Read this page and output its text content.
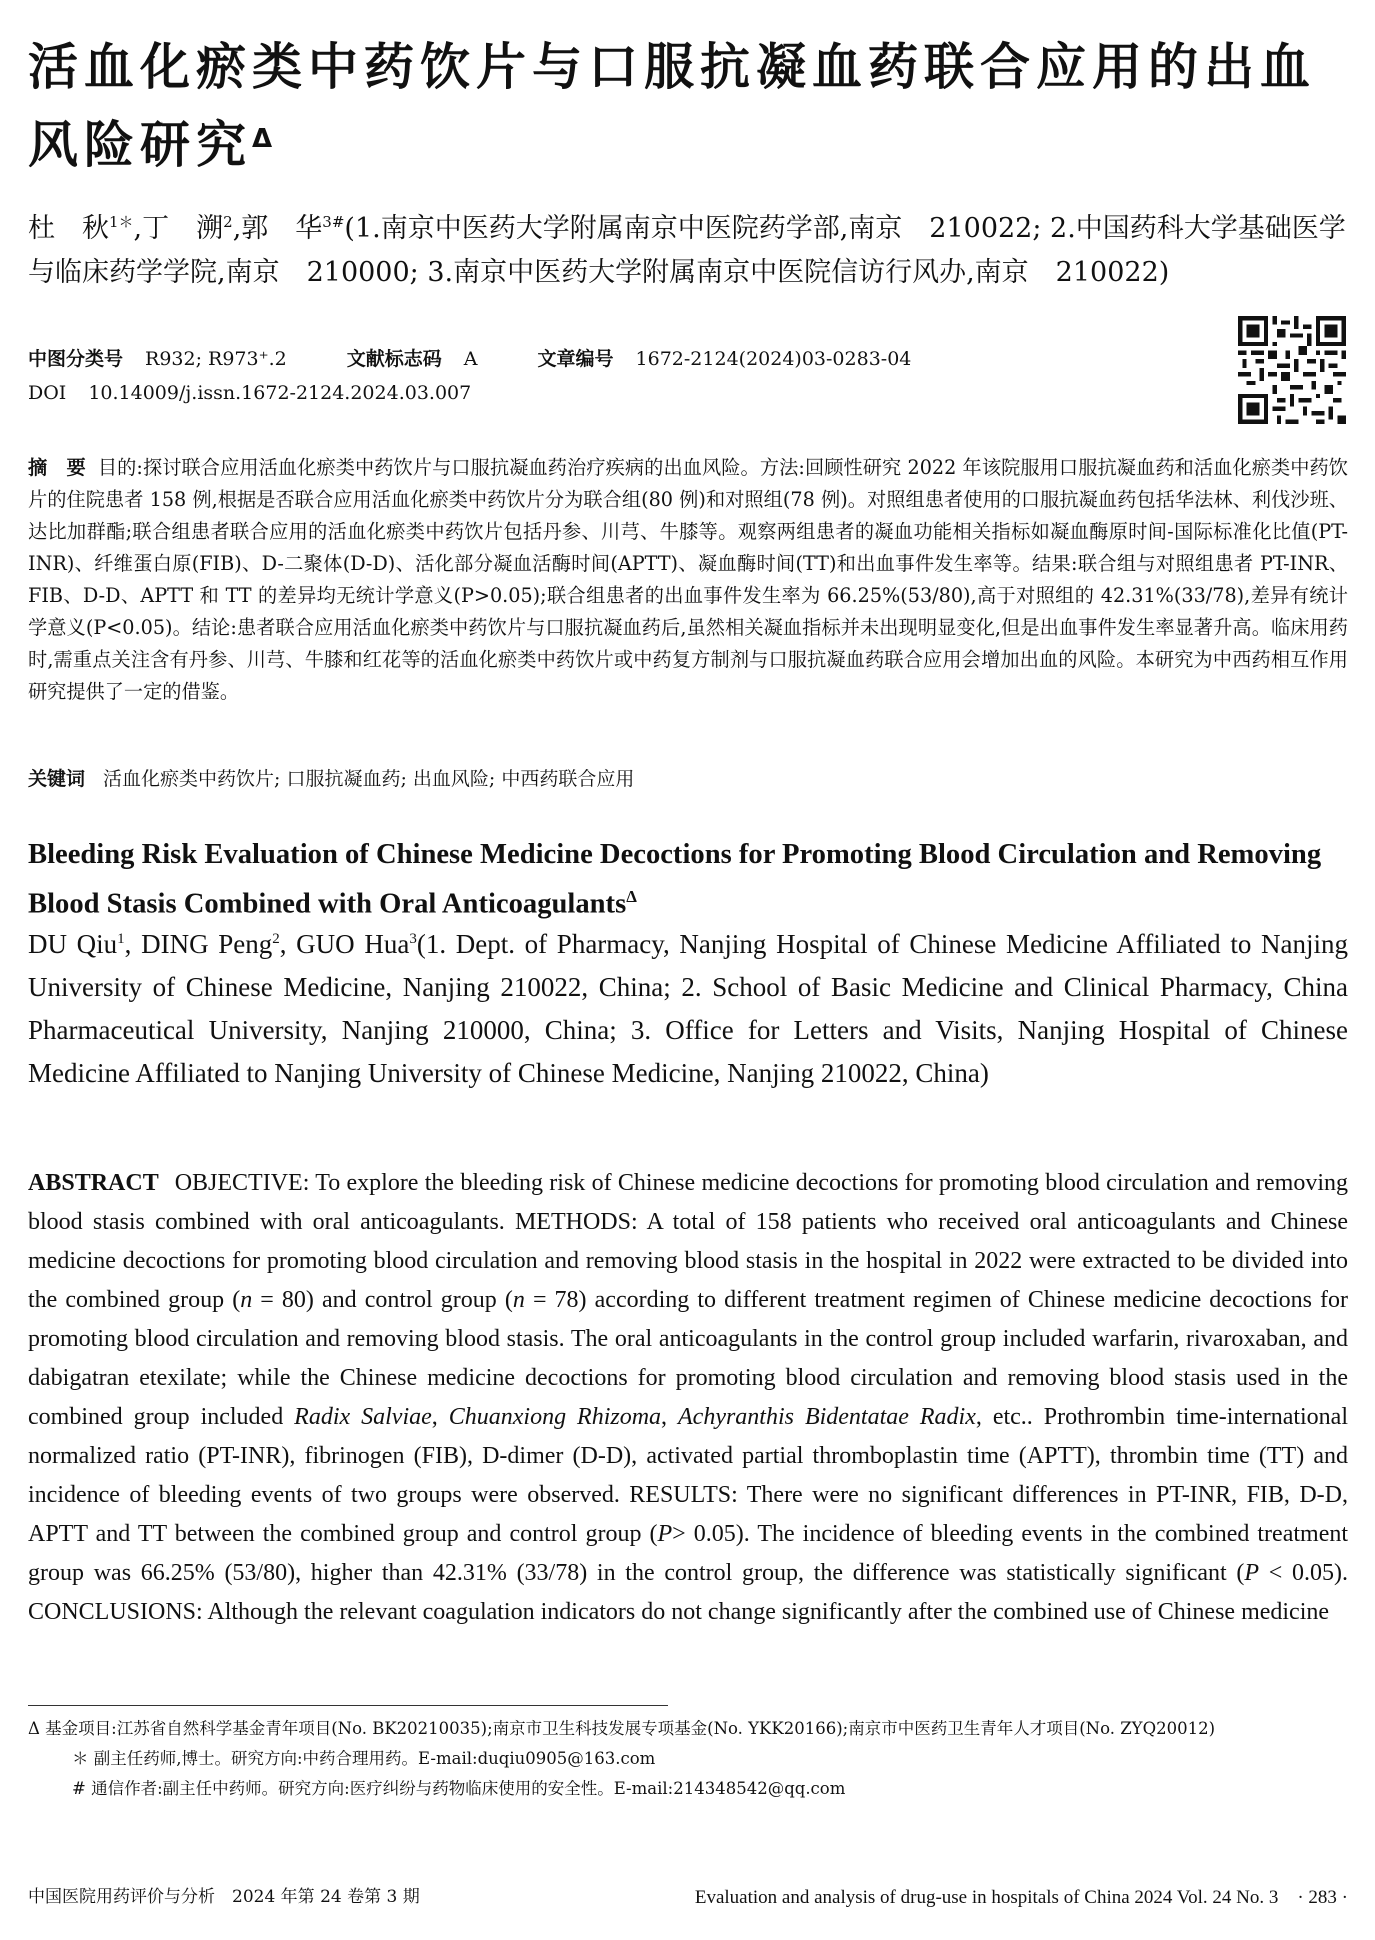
活血化瘀类中药饮片与口服抗凝血药联合应用的出血风险研究$^\Delta$
杜　秋$^{1*}$,丁　溯$^2$,郭　华$^{3\#}$(1.南京中医药大学附属南京中医院药学部,南京　210022; 2.中国药科大学基础医学与临床药学学院,南京　210000; 3.南京中医药大学附属南京中医院信访行风办,南京　210022)
中图分类号 R932; R973⁺.2	文献标志码 A	文章编号 1672-2124(2024)03-0283-04
DOI 10.14009/j.issn.1672-2124.2024.03.007
摘　要 目的:探讨联合应用活血化瘀类中药饮片与口服抗凝血药治疗疾病的出血风险。方法:回顾性研究 2022 年该院服用口服抗凝血药和活血化瘀类中药饮片的住院患者 158 例,根据是否联合应用活血化瘀类中药饮片分为联合组(80 例)和对照组(78 例)。对照组患者使用的口服抗凝血药包括华法林、利伐沙班、达比加群酯;联合组患者联合应用的活血化瘀类中药饮片包括丹参、川芎、牛膝等。观察两组患者的凝血功能相关指标如凝血酶原时间-国际标准化比值(PT-INR)、纤维蛋白原(FIB)、D-二聚体(D-D)、活化部分凝血活酶时间(APTT)、凝血酶时间(TT)和出血事件发生率等。结果:联合组与对照组患者 PT-INR、FIB、D-D、APTT 和 TT 的差异均无统计学意义(P>0.05);联合组患者的出血事件发生率为 66.25%(53/80),高于对照组的 42.31%(33/78),差异有统计学意义(P<0.05)。结论:患者联合应用活血化瘀类中药饮片与口服抗凝血药后,虽然相关凝血指标并未出现明显变化,但是出血事件发生率显著升高。临床用药时,需重点关注含有丹参、川芎、牛膝和红花等的活血化瘀类中药饮片或中药复方制剂与口服抗凝血药联合应用会增加出血的风险。本研究为中西药相互作用研究提供了一定的借鉴。
关键词 活血化瘀类中药饮片; 口服抗凝血药; 出血风险; 中西药联合应用
Bleeding Risk Evaluation of Chinese Medicine Decoctions for Promoting Blood Circulation and Removing Blood Stasis Combined with Oral Anticoagulants$^\Delta$
DU Qiu$^1$, DING Peng$^2$, GUO Hua$^3$(1. Dept. of Pharmacy, Nanjing Hospital of Chinese Medicine Affiliated to Nanjing University of Chinese Medicine, Nanjing 210022, China; 2. School of Basic Medicine and Clinical Pharmacy, China Pharmaceutical University, Nanjing 210000, China; 3. Office for Letters and Visits, Nanjing Hospital of Chinese Medicine Affiliated to Nanjing University of Chinese Medicine, Nanjing 210022, China)
ABSTRACT OBJECTIVE: To explore the bleeding risk of Chinese medicine decoctions for promoting blood circulation and removing blood stasis combined with oral anticoagulants. METHODS: A total of 158 patients who received oral anticoagulants and Chinese medicine decoctions for promoting blood circulation and removing blood stasis in the hospital in 2022 were extracted to be divided into the combined group (n = 80) and control group (n = 78) according to different treatment regimen of Chinese medicine decoctions for promoting blood circulation and removing blood stasis. The oral anticoagulants in the control group included warfarin, rivaroxaban, and dabigatran etexilate; while the Chinese medicine decoctions for promoting blood circulation and removing blood stasis used in the combined group included Radix Salviae, Chuanxiong Rhizoma, Achyranthis Bidentatae Radix, etc.. Prothrombin time-international normalized ratio (PT-INR), fibrinogen (FIB), D-dimer (D-D), activated partial thromboplastin time (APTT), thrombin time (TT) and incidence of bleeding events of two groups were observed. RESULTS: There were no significant differences in PT-INR, FIB, D-D, APTT and TT between the combined group and control group (P> 0.05). The incidence of bleeding events in the combined treatment group was 66.25% (53/80), higher than 42.31% (33/78) in the control group, the difference was statistically significant (P < 0.05). CONCLUSIONS: Although the relevant coagulation indicators do not change significantly after the combined use of Chinese medicine

Δ 基金项目:江苏省自然科学基金青年项目(No. BK20210035);南京市卫生科技发展专项基金(No. YKK20166);南京市中医药卫生青年人才项目(No. ZYQ20012)

＊ 副主任药师,博士。研究方向:中药合理用药。E-mail:duqiu0905@163.com

# 通信作者:副主任中药师。研究方向:医疗纠纷与药物临床使用的安全性。E-mail:214348542@qq.com

中国医院用药评价与分析　2024 年第 24 卷第 3 期	Evaluation and analysis of drug-use in hospitals of China 2024 Vol. 24 No. 3　· 283 ·
